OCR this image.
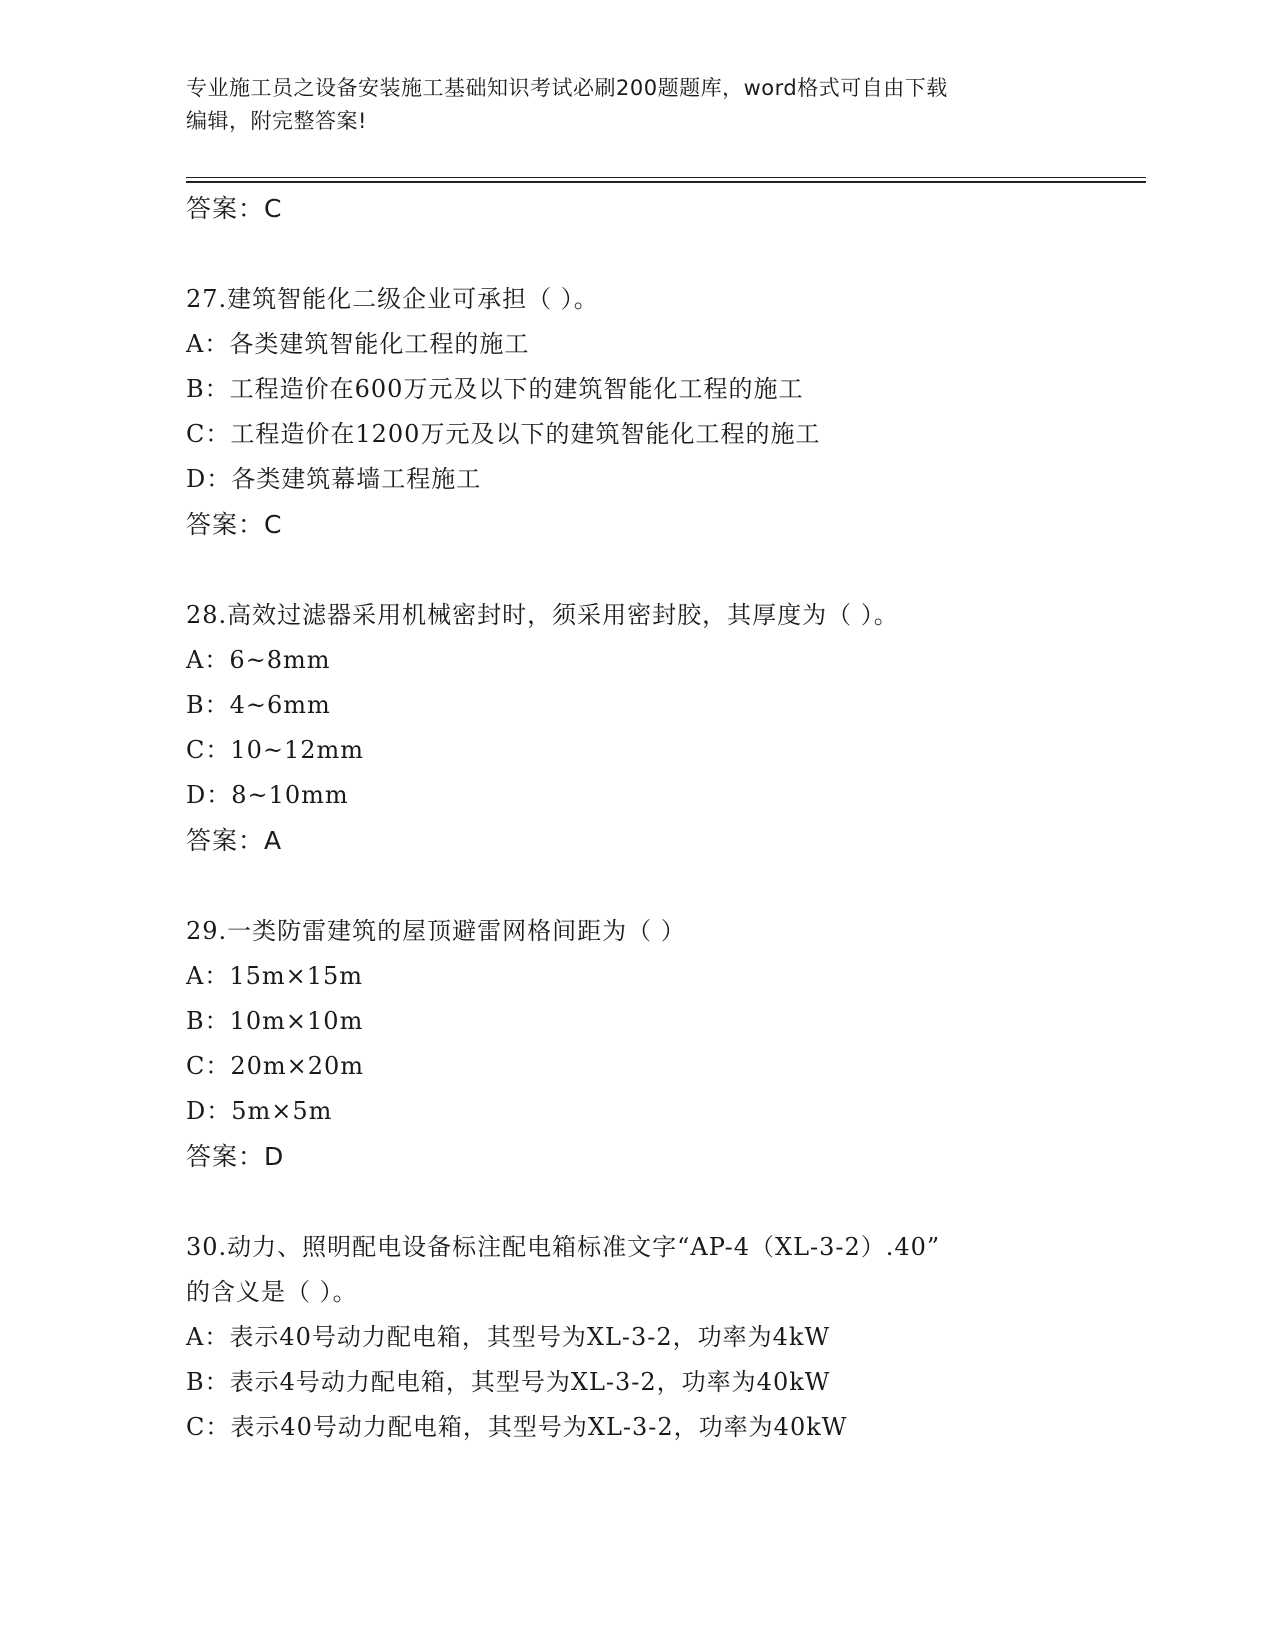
专业施工员之设备安装施工基础知识考试必刷200题题库，word格式可自由下载
编辑，附完整答案!
答案：C
27.建筑智能化二级企业可承担（ ）。
A：各类建筑智能化工程的施工
B：工程造价在600万元及以下的建筑智能化工程的施工
C：工程造价在1200万元及以下的建筑智能化工程的施工
D：各类建筑幕墙工程施工
答案：C
28.高效过滤器采用机械密封时，须采用密封胶，其厚度为（ ）。
A：6~8mm
B：4~6mm
C：10~12mm
D：8~10mm
答案：A
29.一类防雷建筑的屋顶避雷网格间距为（ ）
A：15m×15m
B：10m×10m
C：20m×20m
D：5m×5m
答案：D
30.动力、照明配电设备标注配电箱标准文字“AP-4（XL-3-2）.40”
的含义是（ ）。
A：表示40号动力配电箱，其型号为XL-3-2，功率为4kW
B：表示4号动力配电箱，其型号为XL-3-2，功率为40kW
C：表示40号动力配电箱，其型号为XL-3-2，功率为40kW
